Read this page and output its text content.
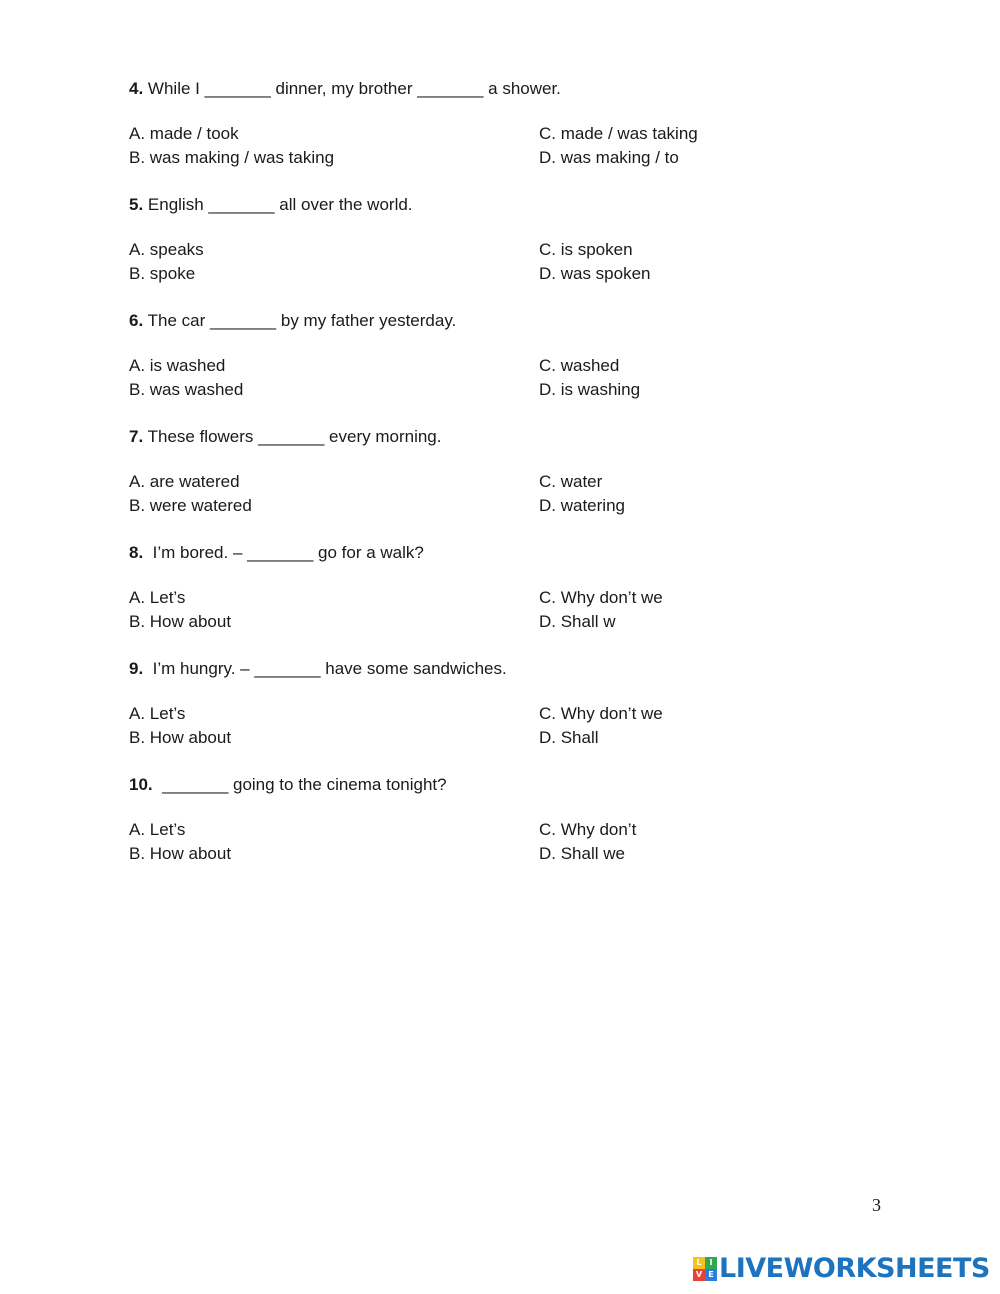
4. While I _______ dinner, my brother _______ a shower.
A. made / took
B. was making / was taking
C. made / was taking
D. was making / to
5. English _______ all over the world.
A. speaks
B. spoke
C. is spoken
D. was spoken
6. The car _______ by my father yesterday.
A. is washed
B. was washed
C. washed
D. is washing
7. These flowers _______ every morning.
A. are watered
B. were watered
C. water
D. watering
8.  I’m bored. – _______ go for a walk?
A. Let’s
B. How about
C. Why don’t we
D. Shall w
9.  I’m hungry. – _______ have some sandwiches.
A. Let’s
B. How about
C. Why don’t we
D. Shall
10.  _______ going to the cinema tonight?
A. Let’s
B. How about
C. Why don’t
D. Shall we
3
L I
V E LIVEWORKSHEETS
